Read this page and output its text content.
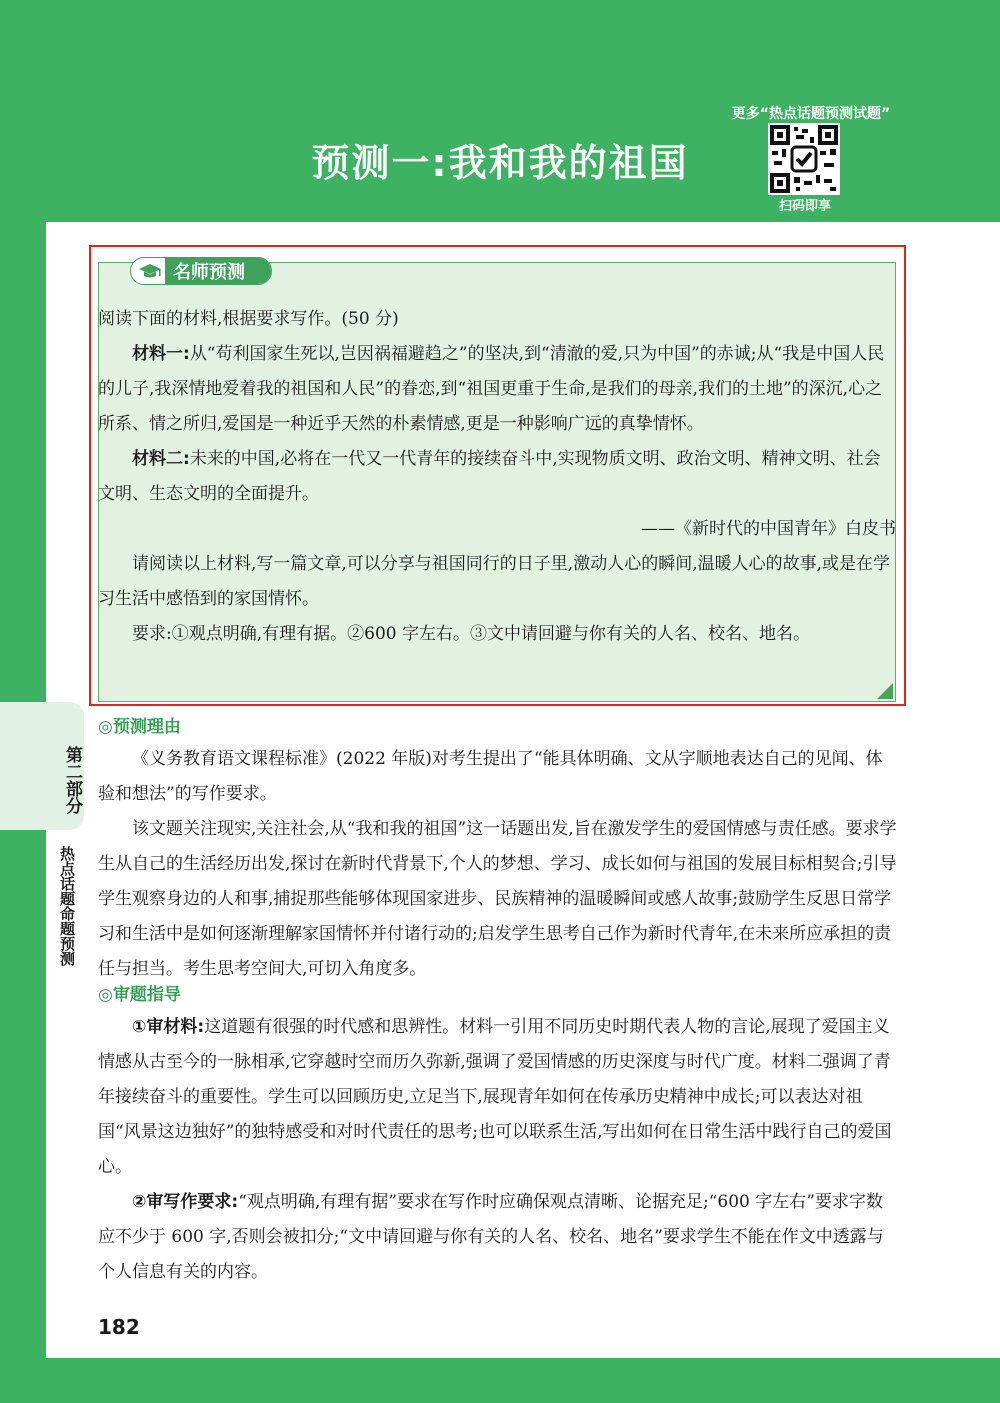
更多“热点话题预测试题”
扫码即享
预测一:我和我的祖国
第二部分
热点话题命题预测
名师预测

阅读下面的材料,根据要求写作。(50 分)

材料一:从“苟利国家生死以,岂因祸福避趋之”的坚决,到“清澈的爱,只为中国”的赤诚;从“我是中国人民的儿子,我深情地爱着我的祖国和人民”的眷恋,到“祖国更重于生命,是我们的母亲,我们的土地”的深沉,心之所系、情之所归,爱国是一种近乎天然的朴素情感,更是一种影响广远的真挚情怀。

材料二:未来的中国,必将在一代又一代青年的接续奋斗中,实现物质文明、政治文明、精神文明、社会文明、生态文明的全面提升。

——《新时代的中国青年》白皮书

请阅读以上材料,写一篇文章,可以分享与祖国同行的日子里,激动人心的瞬间,温暖人心的故事,或是在学习生活中感悟到的家国情怀。

要求:①观点明确,有理有据。②600 字左右。③文中请回避与你有关的人名、校名、地名。

◎预测理由

《义务教育语文课程标准》(2022 年版)对考生提出了“能具体明确、文从字顺地表达自己的见闻、体验和想法”的写作要求。

该文题关注现实,关注社会,从“我和我的祖国”这一话题出发,旨在激发学生的爱国情感与责任感。要求学生从自己的生活经历出发,探讨在新时代背景下,个人的梦想、学习、成长如何与祖国的发展目标相契合;引导学生观察身边的人和事,捕捉那些能够体现国家进步、民族精神的温暖瞬间或感人故事;鼓励学生反思日常学习和生活中是如何逐渐理解家国情怀并付诸行动的;启发学生思考自己作为新时代青年,在未来所应承担的责任与担当。考生思考空间大,可切入角度多。

◎审题指导

①审材料:这道题有很强的时代感和思辨性。材料一引用不同历史时期代表人物的言论,展现了爱国主义情感从古至今的一脉相承,它穿越时空而历久弥新,强调了爱国情感的历史深度与时代广度。材料二强调了青年接续奋斗的重要性。学生可以回顾历史,立足当下,展现青年如何在传承历史精神中成长;可以表达对祖国“风景这边独好”的独特感受和对时代责任的思考;也可以联系生活,写出如何在日常生活中践行自己的爱国心。

②审写作要求:“观点明确,有理有据”要求在写作时应确保观点清晰、论据充足;“600 字左右”要求字数应不少于 600 字,否则会被扣分;“文中请回避与你有关的人名、校名、地名”要求学生不能在作文中透露与个人信息有关的内容。

182
